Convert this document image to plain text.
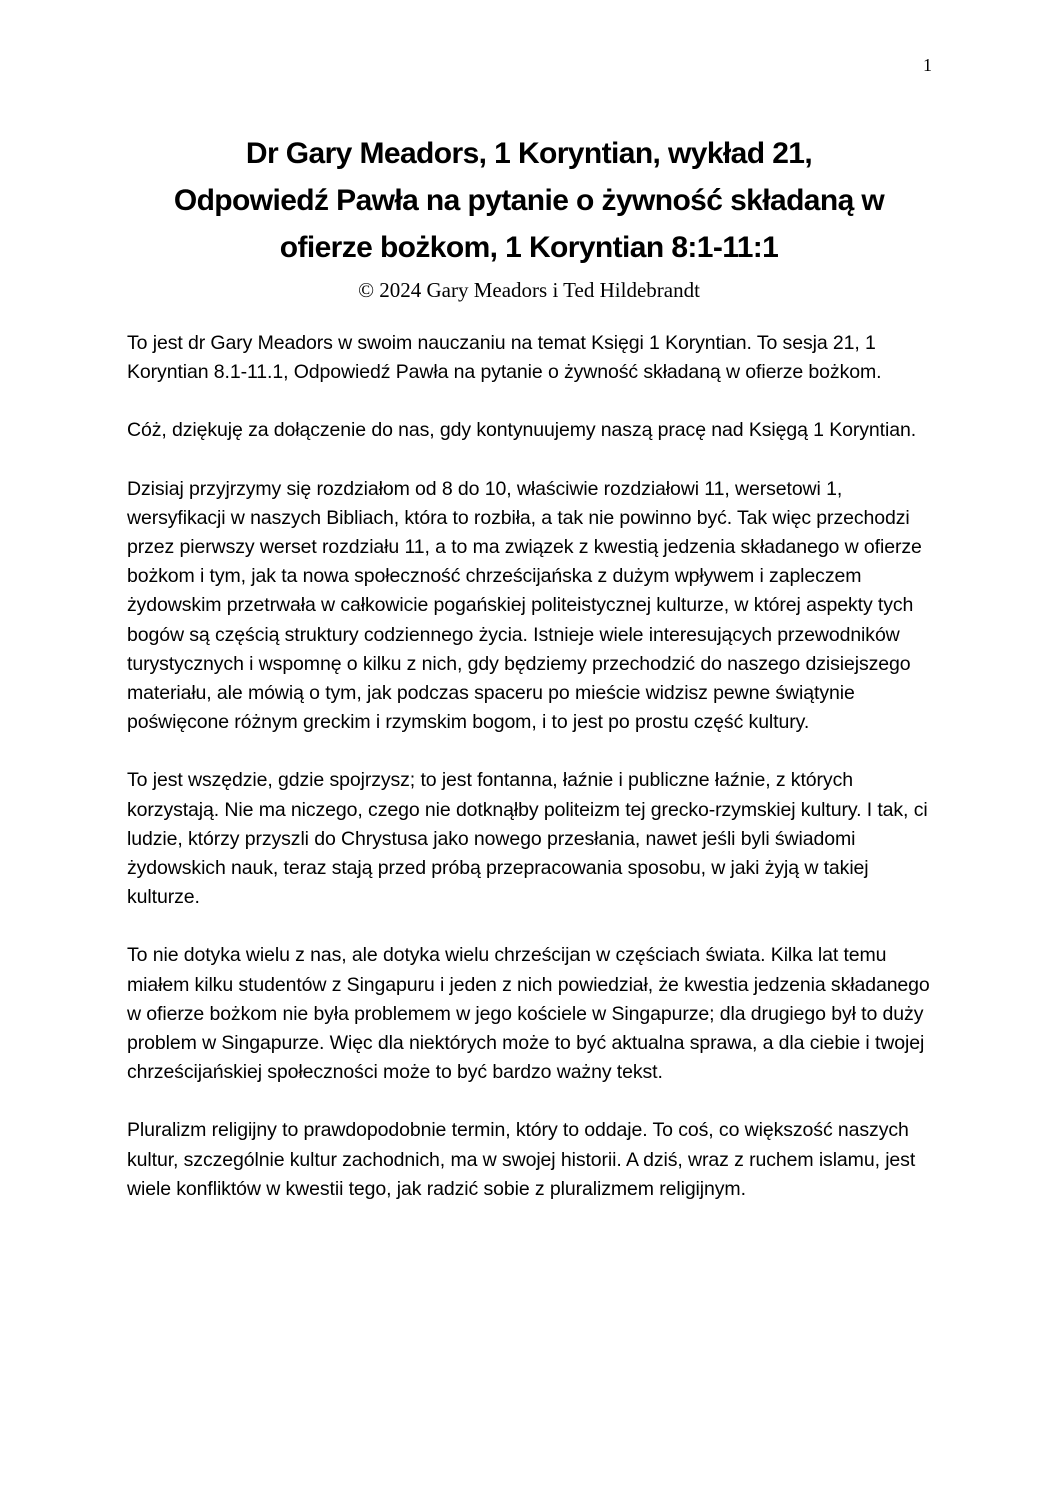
1
Dr Gary Meadors, 1 Koryntian, wykład 21,
Odpowiedź Pawła na pytanie o żywność składaną w
ofierze bożkom, 1 Koryntian 8:1-11:1
© 2024 Gary Meadors i Ted Hildebrandt

To jest dr Gary Meadors w swoim nauczaniu na temat Księgi 1 Koryntian. To sesja 21, 1 Koryntian 8.1-11.1, Odpowiedź Pawła na pytanie o żywność składaną w ofierze bożkom.

Cóż, dziękuję za dołączenie do nas, gdy kontynuujemy naszą pracę nad Księgą 1 Koryntian.

Dzisiaj przyjrzymy się rozdziałom od 8 do 10, właściwie rozdziałowi 11, wersetowi 1, wersyfikacji w naszych Bibliach, która to rozbiła, a tak nie powinno być. Tak więc przechodzi przez pierwszy werset rozdziału 11, a to ma związek z kwestią jedzenia składanego w ofierze bożkom i tym, jak ta nowa społeczność chrześcijańska z dużym wpływem i zapleczem żydowskim przetrwała w całkowicie pogańskiej politeistycznej kulturze, w której aspekty tych bogów są częścią struktury codziennego życia. Istnieje wiele interesujących przewodników turystycznych i wspomnę o kilku z nich, gdy będziemy przechodzić do naszego dzisiejszego materiału, ale mówią o tym, jak podczas spaceru po mieście widzisz pewne świątynie poświęcone różnym greckim i rzymskim bogom, i to jest po prostu część kultury.

To jest wszędzie, gdzie spojrzysz; to jest fontanna, łaźnie i publiczne łaźnie, z których korzystają. Nie ma niczego, czego nie dotknąłby politeizm tej grecko-rzymskiej kultury. I tak, ci ludzie, którzy przyszli do Chrystusa jako nowego przesłania, nawet jeśli byli świadomi żydowskich nauk, teraz stają przed próbą przepracowania sposobu, w jaki żyją w takiej kulturze.

To nie dotyka wielu z nas, ale dotyka wielu chrześcijan w częściach świata. Kilka lat temu miałem kilku studentów z Singapuru i jeden z nich powiedział, że kwestia jedzenia składanego w ofierze bożkom nie była problemem w jego kościele w Singapurze; dla drugiego był to duży problem w Singapurze. Więc dla niektórych może to być aktualna sprawa, a dla ciebie i twojej chrześcijańskiej społeczności może to być bardzo ważny tekst.

Pluralizm religijny to prawdopodobnie termin, który to oddaje. To coś, co większość naszych kultur, szczególnie kultur zachodnich, ma w swojej historii. A dziś, wraz z ruchem islamu, jest wiele konfliktów w kwestii tego, jak radzić sobie z pluralizmem religijnym.
